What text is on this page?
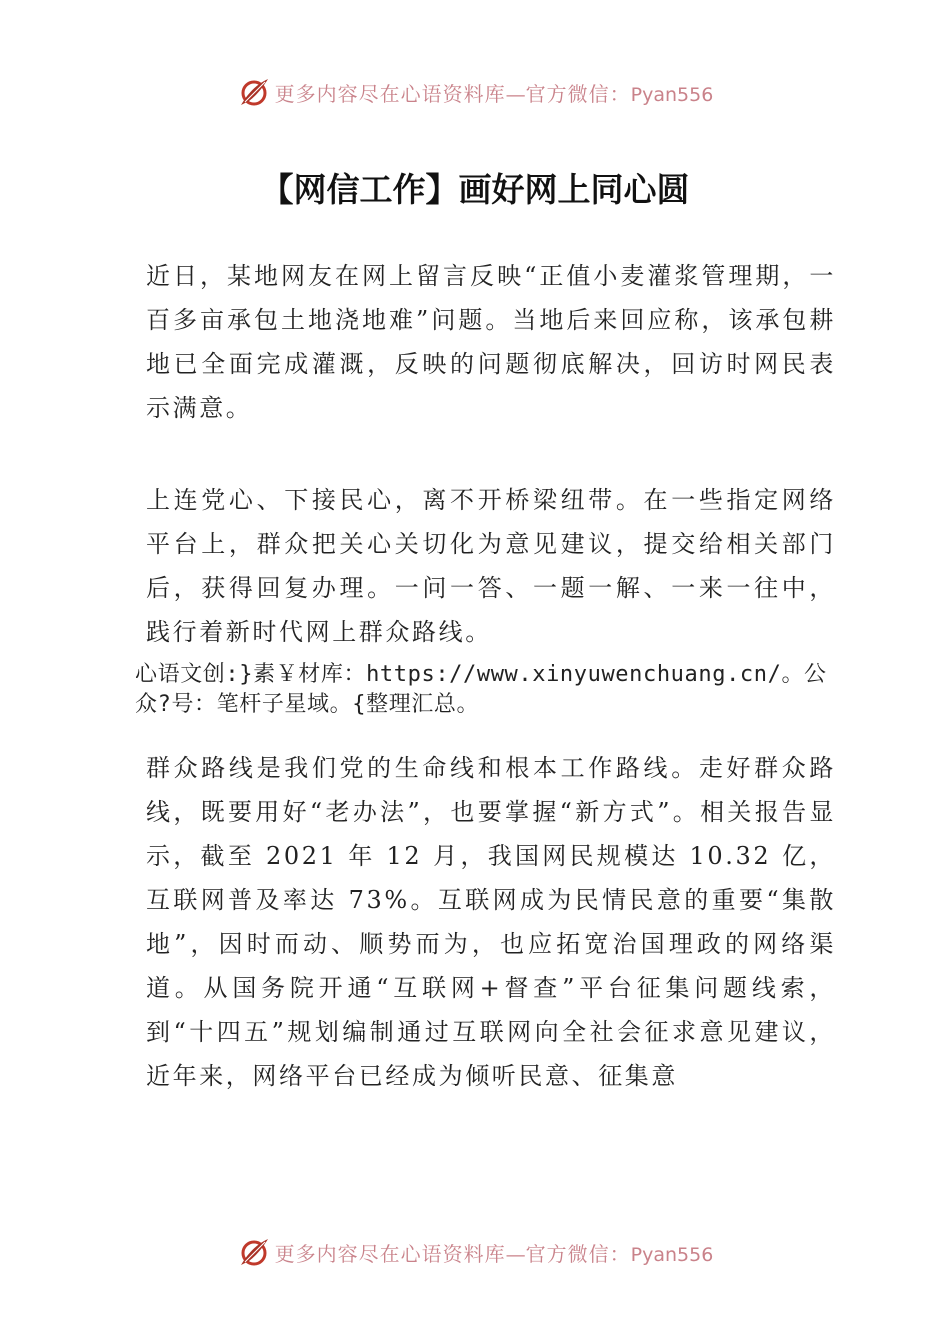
更多内容尽在心语资料库—官方微信：Pyan556
【网信工作】画好网上同心圆
近日，某地网友在网上留言反映“正值小麦灌浆管理期，一百多亩承包土地浇地难”问题。当地后来回应称，该承包耕地已全面完成灌溉，反映的问题彻底解决，回访时网民表示满意。
上连党心、下接民心，离不开桥梁纽带。在一些指定网络平台上，群众把关心关切化为意见建议，提交给相关部门后，获得回复办理。一问一答、一题一解、一来一往中，践行着新时代网上群众路线。
心语文创:}素￥材库：https://www.xinyuwenchuang.cn/。公众?号：笔杆子星域。{整理汇总。
群众路线是我们党的生命线和根本工作路线。走好群众路线，既要用好“老办法”，也要掌握“新方式”。相关报告显示，截至 2021 年 12 月，我国网民规模达 10.32 亿，互联网普及率达 73%。互联网成为民情民意的重要“集散地”，因时而动、顺势而为，也应拓宽治国理政的网络渠道。从国务院开通“互联网+督查”平台征集问题线索，到“十四五”规划编制通过互联网向全社会征求意见建议，近年来，网络平台已经成为倾听民意、征集意
更多内容尽在心语资料库—官方微信：Pyan556
